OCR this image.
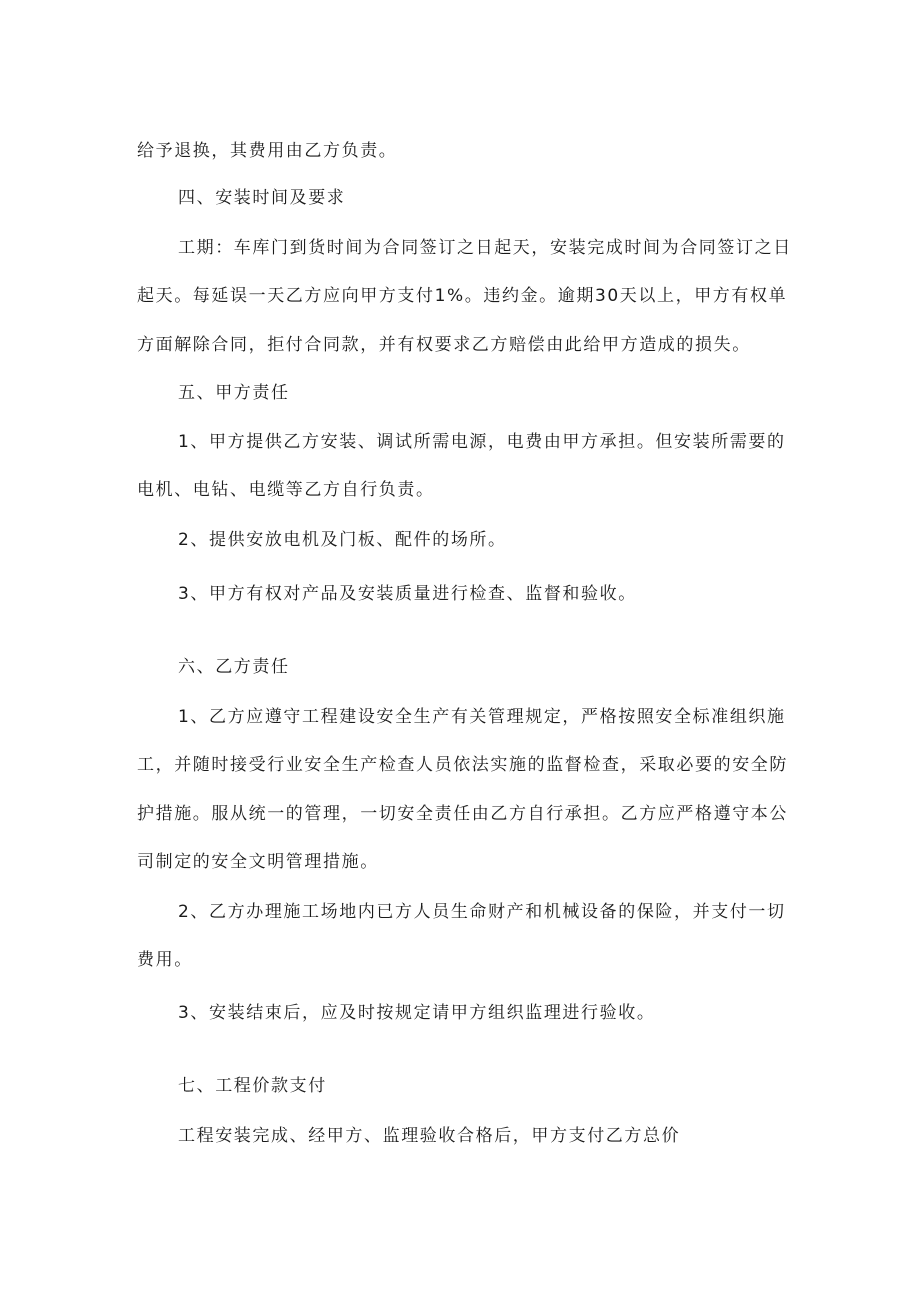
给予退换，其费用由乙方负责。
四、安装时间及要求
工期：车库门到货时间为合同签订之日起天，安装完成时间为合同签订之日
起天。每延误一天乙方应向甲方支付1%。违约金。逾期30天以上，甲方有权单
方面解除合同，拒付合同款，并有权要求乙方赔偿由此给甲方造成的损失。
五、甲方责任
1、甲方提供乙方安装、调试所需电源，电费由甲方承担。但安装所需要的
电机、电钻、电缆等乙方自行负责。
2、提供安放电机及门板、配件的场所。
3、甲方有权对产品及安装质量进行检查、监督和验收。
六、乙方责任
1、乙方应遵守工程建设安全生产有关管理规定，严格按照安全标准组织施
工，并随时接受行业安全生产检查人员依法实施的监督检查，采取必要的安全防
护措施。服从统一的管理，一切安全责任由乙方自行承担。乙方应严格遵守本公
司制定的安全文明管理措施。
2、乙方办理施工场地内已方人员生命财产和机械设备的保险，并支付一切
费用。
3、安装结束后，应及时按规定请甲方组织监理进行验收。
七、工程价款支付
工程安装完成、经甲方、监理验收合格后，甲方支付乙方总价
